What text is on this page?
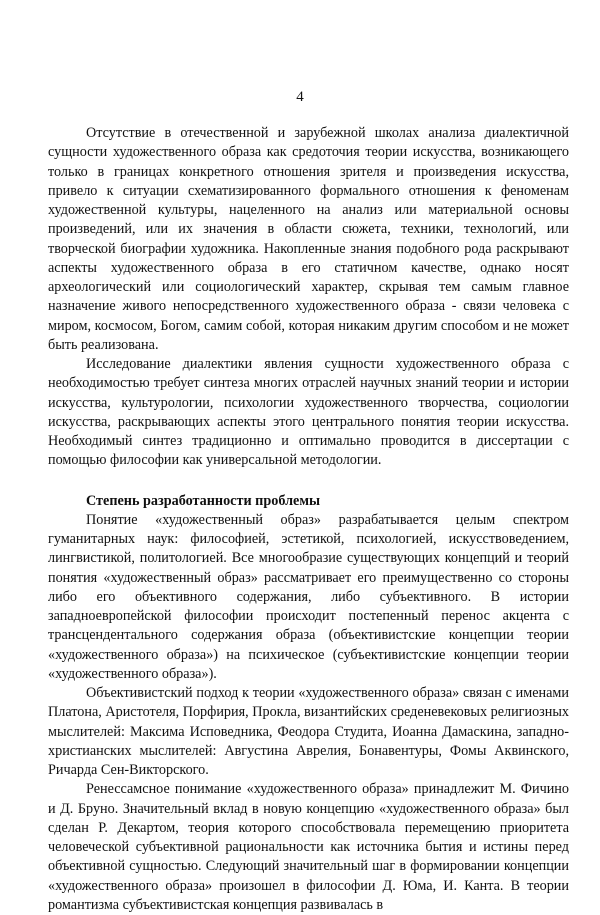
4

Отсутствие в отечественной и зарубежной школах анализа диалектичной сущности художественного образа как средоточия теории искусства, возникающего только в границах конкретного отношения зрителя и произведения искусства, привело к ситуации схематизированного формального отношения к феноменам художественной культуры, нацеленного на анализ или материальной основы произведений, или их значения в области сюжета, техники, технологий, или творческой биографии художника. Накопленные знания подобного рода раскрывают аспекты художественного образа в его статичном качестве, однако носят археологический или социологический характер, скрывая тем самым главное назначение живого непосредственного художественного образа - связи человека с миром, космосом, Богом, самим собой, которая никаким другим способом и не может быть реализована.

Исследование диалектики явления сущности художественного образа с необходимостью требует синтеза многих отраслей научных знаний теории и истории искусства, культурологии, психологии художественного творчества, социологии искусства, раскрывающих аспекты этого центрального понятия теории искусства. Необходимый синтез традиционно и оптимально проводится в диссертации с помощью философии как универсальной методологии.

Степень разработанности проблемы

Понятие «художественный образ» разрабатывается целым спектром гуманитарных наук: философией, эстетикой, психологией, искусствоведением, лингвистикой, политологией. Все многообразие существующих концепций и теорий понятия «художественный образ» рассматривает его преимущественно со стороны либо его объективного содержания, либо субъективного. В истории западноевропейской философии происходит постепенный перенос акцента с трансцендентального содержания образа (объективистские концепции теории «художественного образа») на психическое (субъективистские концепции теории «художественного образа»).

Объективистский подход к теории «художественного образа» связан с именами Платона, Аристотеля, Порфирия, Прокла, византийских среденевековых религиозных мыслителей: Максима Исповедника, Феодора Студита, Иоанна Дамаскина, западно-христианских мыслителей: Августина Аврелия, Бонавентуры, Фомы Аквинского, Ричарда Сен-Викторского.

Ренессамсное понимание «художественного образа» принадлежит М. Фичино и Д. Бруно. Значительный вклад в новую концепцию «художественного образа» был сделан Р. Декартом, теория которого способствовала перемещению приоритета человеческой субъективной рациональности как источника бытия и истины перед объективной сущностью. Следующий значительный шаг в формировании концепции «художественного образа» произошел в философии Д. Юма, И. Канта. В теории романтизма субъективистская концепция развивалась в
